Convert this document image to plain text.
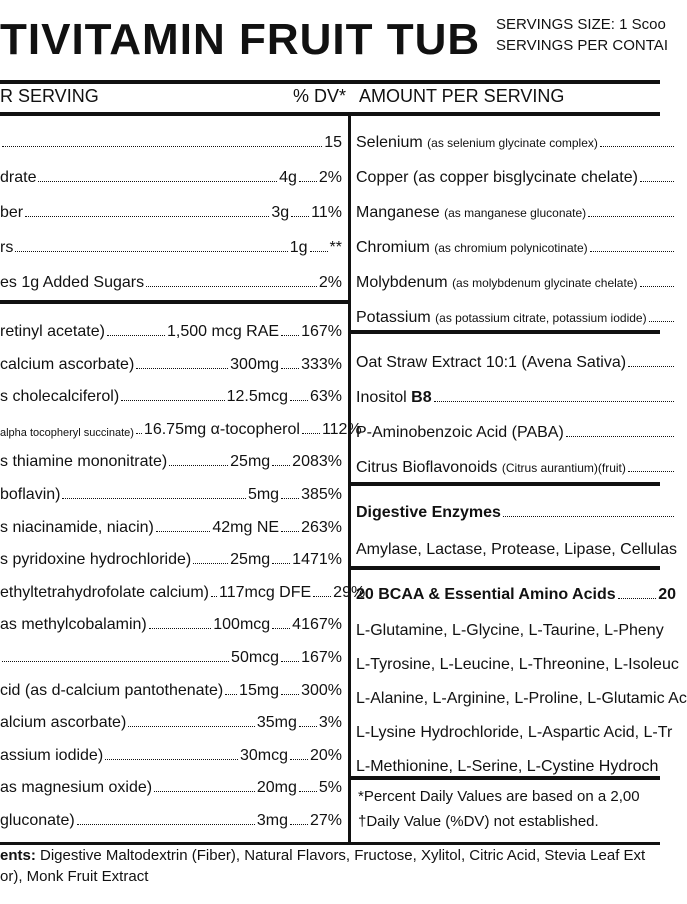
TIVITAMIN FRUIT TUB SERVINGS SIZE: 1 Scoo
SERVINGS PER CONTAI
R SERVING	% DV* AMOUNT PER SERVING
15
drate	4g 2%
ber	3g 11%
rs	1g **
es 1g Added Sugars	2%
retinyl acetate)	1,500 mcg RAE 167%
calcium ascorbate)	300mg 333%
s cholecalciferol)	12.5mcg 63%
alpha tocopheryl succinate) 16.75mg α-tocopherol 112%
s thiamine mononitrate)	25mg 2083%
boflavin)	5mg 385%
s niacinamide, niacin)	42mg NE 263%
s pyridoxine hydrochloride) 25mg 1471%
ethyltetrahydrofolate calcium) 117mcg DFE 29%
as methylcobalamin)	100mcg 4167%
50mcg 167%
cid (as d-calcium pantothenate) 15mg 300%
alcium ascorbate)	35mg 3%
assium iodide)	30mcg 20%
as magnesium oxide)	20mg 5%
gluconate)	3mg 27%
Selenium (as selenium glycinate complex)
Copper (as copper bisglycinate chelate)
Manganese (as manganese gluconate)
Chromium (as chromium polynicotinate)
Molybdenum (as molybdenum glycinate chelate)
Potassium (as potassium citrate, potassium iodide)
Oat Straw Extract 10:1 (Avena Sativa)
Inositol B8
P-Aminobenzoic Acid (PABA)
Citrus Bioflavonoids (Citrus aurantium)(fruit)
Digestive Enzymes
Amylase, Lactase, Protease, Lipase, Cellulas
20 BCAA & Essential Amino Acids	20
L-Glutamine, L-Glycine, L-Taurine, L-Pheny
L-Tyrosine, L-Leucine, L-Threonine, L-Isoleuc
L-Alanine, L-Arginine, L-Proline, L-Glutamic Ac
L-Lysine Hydrochloride, L-Aspartic Acid, L-Tr
L-Methionine, L-Serine, L-Cystine Hydroch
*Percent Daily Values are based on a 2,00
†Daily Value (%DV) not established.
ents: Digestive Maltodextrin (Fiber), Natural Flavors, Fructose, Xylitol, Citric Acid, Stevia Leaf Ext
or), Monk Fruit Extract
